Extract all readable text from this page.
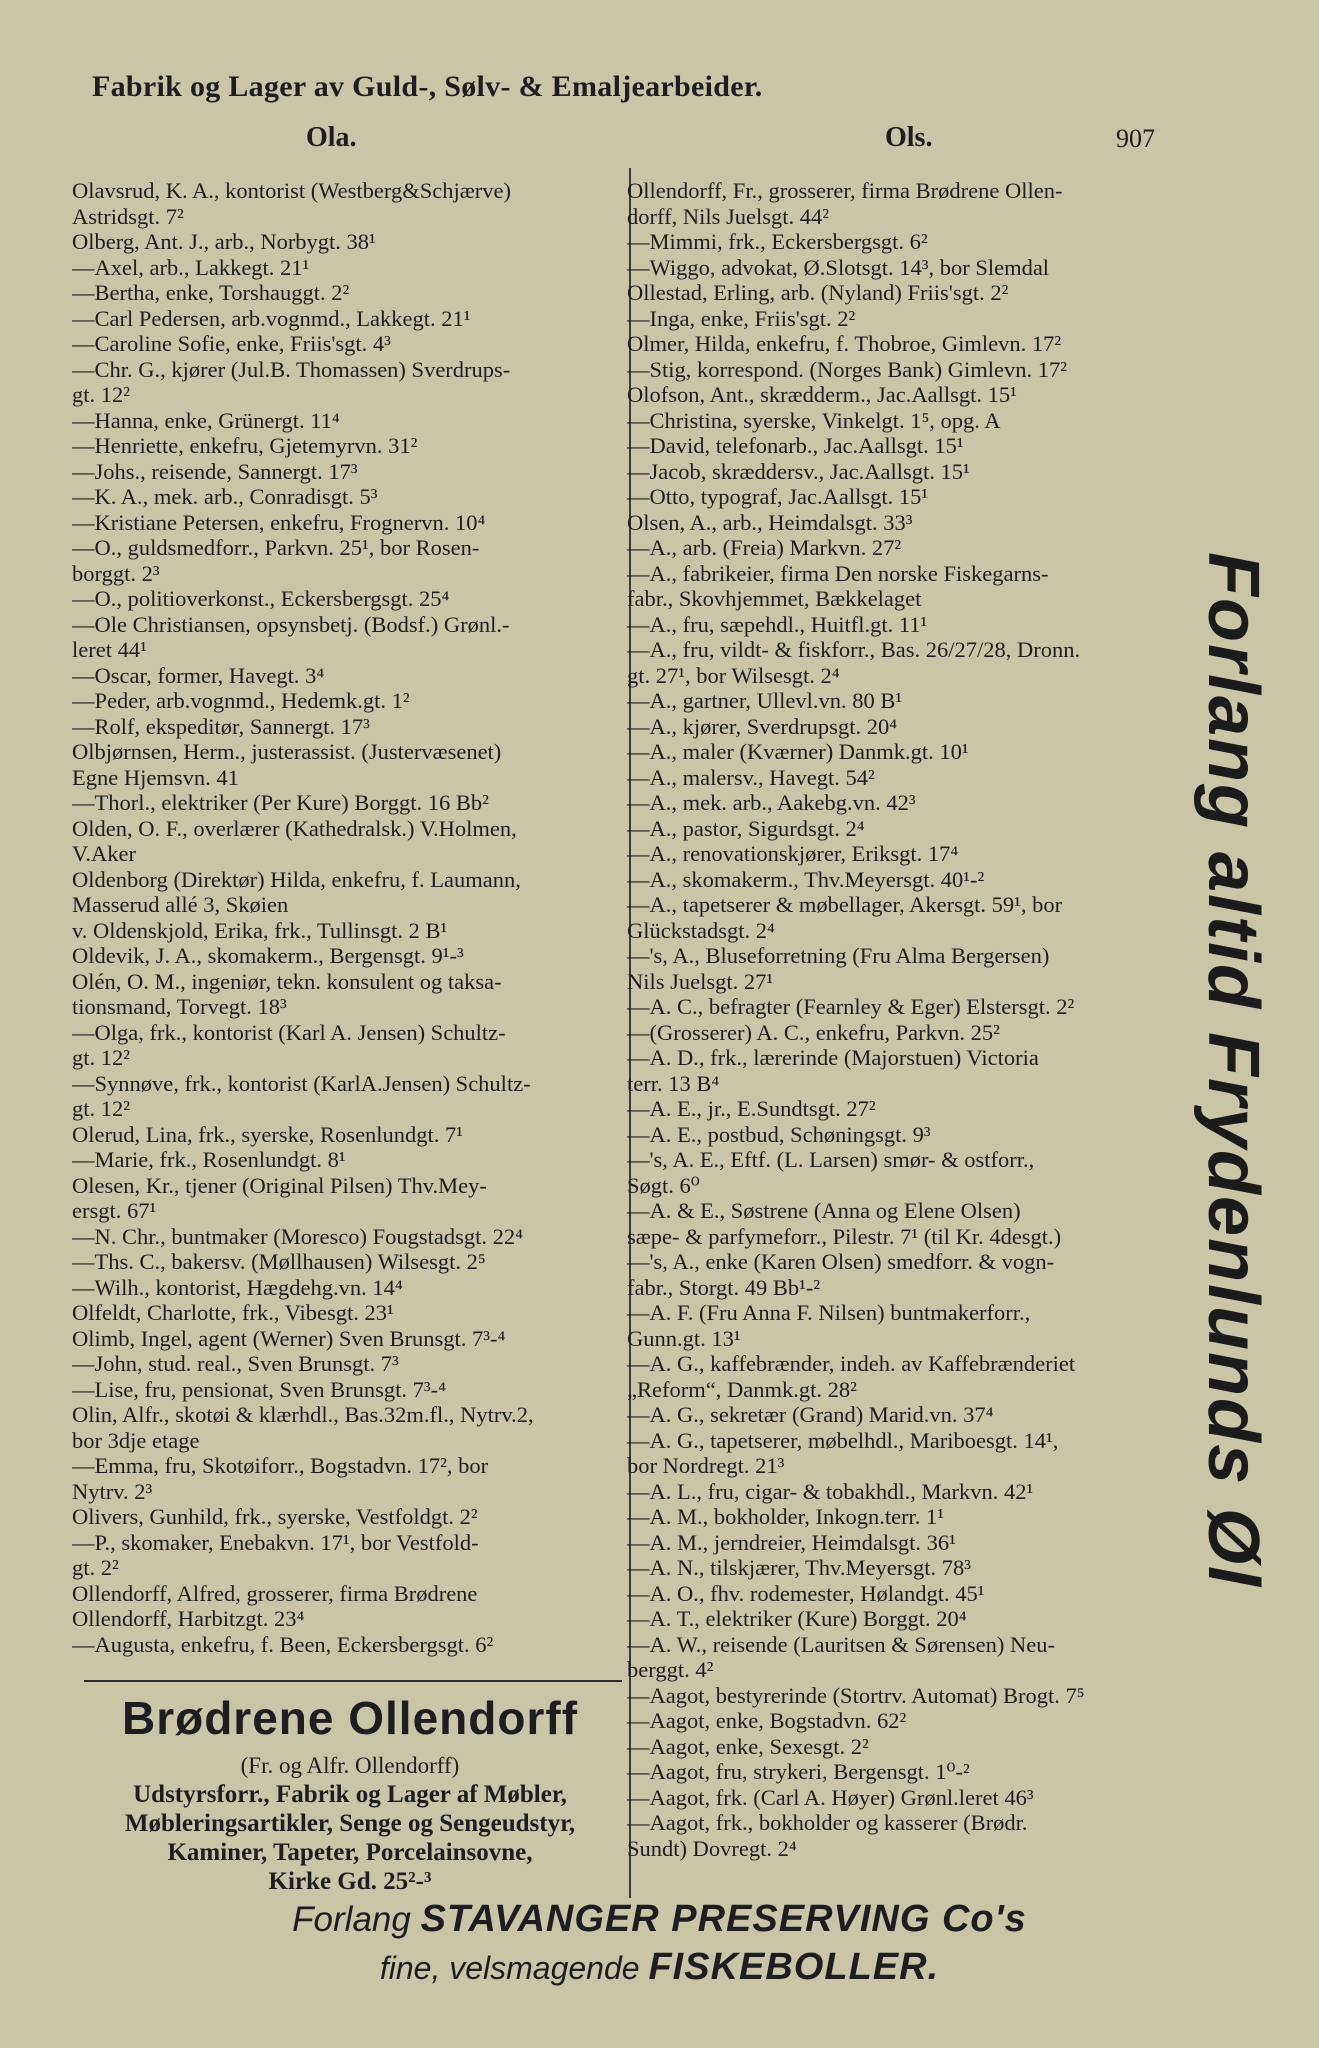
Fabrik og Lager av Guld-, Sølv- & Emaljearbeider.
Ola.	Ols.	907
Olavsrud, K. A., kontorist (Westberg&Schjærve)
Astridsgt. 7²
Olberg, Ant. J., arb., Norbygt. 38¹
—Axel, arb., Lakkegt. 21¹
—Bertha, enke, Torshauggt. 2²
—Carl Pedersen, arb.vognmd., Lakkegt. 21¹
—Caroline Sofie, enke, Friis'sgt. 4³
—Chr. G., kjører (Jul.B. Thomassen) Sverdrups-
gt. 12²
—Hanna, enke, Grünergt. 11⁴
—Henriette, enkefru, Gjetemyrvn. 31²
—Johs., reisende, Sannergt. 17³
—K. A., mek. arb., Conradisgt. 5³
—Kristiane Petersen, enkefru, Frognervn. 10⁴
—O., guldsmedforr., Parkvn. 25¹, bor Rosen-
borggt. 2³
—O., politioverkonst., Eckersbergsgt. 25⁴
—Ole Christiansen, opsynsbetj. (Bodsf.) Grønl.-
leret 44¹
—Oscar, former, Havegt. 3⁴
—Peder, arb.vognmd., Hedemk.gt. 1²
—Rolf, ekspeditør, Sannergt. 17³
Olbjørnsen, Herm., justerassist. (Justervæsenet)
Egne Hjemsvn. 41
—Thorl., elektriker (Per Kure) Borggt. 16 Bb²
Olden, O. F., overlærer (Kathedralsk.) V.Holmen,
V.Aker
Oldenborg (Direktør) Hilda, enkefru, f. Laumann,
Masserud allé 3, Skøien
v. Oldenskjold, Erika, frk., Tullinsgt. 2 B¹
Oldevik, J. A., skomakerm., Bergensgt. 9¹-³
Olén, O. M., ingeniør, tekn. konsulent og taksa-
tionsmand, Torvegt. 18³
—Olga, frk., kontorist (Karl A. Jensen) Schultz-
gt. 12²
—Synnøve, frk., kontorist (KarlA.Jensen) Schultz-
gt. 12²
Olerud, Lina, frk., syerske, Rosenlundgt. 7¹
—Marie, frk., Rosenlundgt. 8¹
Olesen, Kr., tjener (Original Pilsen) Thv.Mey-
ersgt. 67¹
—N. Chr., buntmaker (Moresco) Fougstadsgt. 22⁴
—Ths. C., bakersv. (Møllhausen) Wilsesgt. 2⁵
—Wilh., kontorist, Hægdehg.vn. 14⁴
Olfeldt, Charlotte, frk., Vibesgt. 23¹
Olimb, Ingel, agent (Werner) Sven Brunsgt. 7³-⁴
—John, stud. real., Sven Brunsgt. 7³
—Lise, fru, pensionat, Sven Brunsgt. 7³-⁴
Olin, Alfr., skotøi & klærhdl., Bas.32m.fl., Nytrv.2,
bor 3dje etage
—Emma, fru, Skotøiforr., Bogstadvn. 17², bor
Nytrv. 2³
Olivers, Gunhild, frk., syerske, Vestfoldgt. 2²
—P., skomaker, Enebakvn. 17¹, bor Vestfold-
gt. 2²
Ollendorff, Alfred, grosserer, firma Brødrene
Ollendorff, Harbitzgt. 23⁴
—Augusta, enkefru, f. Been, Eckersbergsgt. 6²
Ollendorff, Fr., grosserer, firma Brødrene Ollen-
dorff, Nils Juelsgt. 44²
—Mimmi, frk., Eckersbergsgt. 6²
—Wiggo, advokat, Ø.Slotsgt. 14³, bor Slemdal
Ollestad, Erling, arb. (Nyland) Friis'sgt. 2²
—Inga, enke, Friis'sgt. 2²
Olmer, Hilda, enkefru, f. Thobroe, Gimlevn. 17²
—Stig, korrespond. (Norges Bank) Gimlevn. 17²
Olofson, Ant., skrædderm., Jac.Aallsgt. 15¹
—Christina, syerske, Vinkelgt. 1⁵, opg. A
—David, telefonarb., Jac.Aallsgt. 15¹
—Jacob, skræddersv., Jac.Aallsgt. 15¹
—Otto, typograf, Jac.Aallsgt. 15¹
Olsen, A., arb., Heimdalsgt. 33³
—A., arb. (Freia) Markvn. 27²
—A., fabrikeier, firma Den norske Fiskegarns-
fabr., Skovhjemmet, Bækkelaget
—A., fru, sæpehdl., Huitfl.gt. 11¹
—A., fru, vildt- & fiskforr., Bas. 26/27/28, Dronn.
gt. 27¹, bor Wilsesgt. 2⁴
—A., gartner, Ullevl.vn. 80 B¹
—A., kjører, Sverdrupsgt. 20⁴
—A., maler (Kværner) Danmk.gt. 10¹
—A., malersv., Havegt. 54²
—A., mek. arb., Aakebg.vn. 42³
—A., pastor, Sigurdsgt. 2⁴
—A., renovationskjører, Eriksgt. 17⁴
—A., skomakerm., Thv.Meyersgt. 40¹-²
—A., tapetserer & møbellager, Akersgt. 59¹, bor
Glückstadsgt. 2⁴
—'s, A., Bluseforretning (Fru Alma Bergersen)
Nils Juelsgt. 27¹
—A. C., befragter (Fearnley & Eger) Elstersgt. 2²
—(Grosserer) A. C., enkefru, Parkvn. 25²
—A. D., frk., lærerinde (Majorstuen) Victoria
terr. 13 B⁴
—A. E., jr., E.Sundtsgt. 27²
—A. E., postbud, Schøningsgt. 9³
—'s, A. E., Eftf. (L. Larsen) smør- & ostforr.,
Søgt. 6⁰
—A. & E., Søstrene (Anna og Elene Olsen)
sæpe- & parfymeforr., Pilestr. 7¹ (til Kr. 4desgt.)
—'s, A., enke (Karen Olsen) smedforr. & vogn-
fabr., Storgt. 49 Bb¹-²
—A. F. (Fru Anna F. Nilsen) buntmakerforr.,
Gunn.gt. 13¹
—A. G., kaffebrænder, indeh. av Kaffebrænderiet
„Reform“, Danmk.gt. 28²
—A. G., sekretær (Grand) Marid.vn. 37⁴
—A. G., tapetserer, møbelhdl., Mariboesgt. 14¹,
bor Nordregt. 21³
—A. L., fru, cigar- & tobakhdl., Markvn. 42¹
—A. M., bokholder, Inkogn.terr. 1¹
—A. M., jerndreier, Heimdalsgt. 36¹
—A. N., tilskjærer, Thv.Meyersgt. 78³
—A. O., fhv. rodemester, Hølandgt. 45¹
—A. T., elektriker (Kure) Borggt. 20⁴
—A. W., reisende (Lauritsen & Sørensen) Neu-
berggt. 4²
—Aagot, bestyrerinde (Stortrv. Automat) Brogt. 7⁵
—Aagot, enke, Bogstadvn. 62²
—Aagot, enke, Sexesgt. 2²
—Aagot, fru, strykeri, Bergensgt. 1⁰-²
—Aagot, frk. (Carl A. Høyer) Grønl.leret 46³
—Aagot, frk., bokholder og kasserer (Brødr.
Sundt) Dovregt. 2⁴
Forlang altid Frydenlunds Øl
Brødrene Ollendorff
(Fr. og Alfr. Ollendorff)
Udstyrsforr., Fabrik og Lager af Møbler,
Møbleringsartikler, Senge og Sengeudstyr,
Kaminer, Tapeter, Porcelainsovne,
Kirke Gd. 25²-³
Forlang STAVANGER PRESERVING Co's
fine, velsmagende FISKEBOLLER.
